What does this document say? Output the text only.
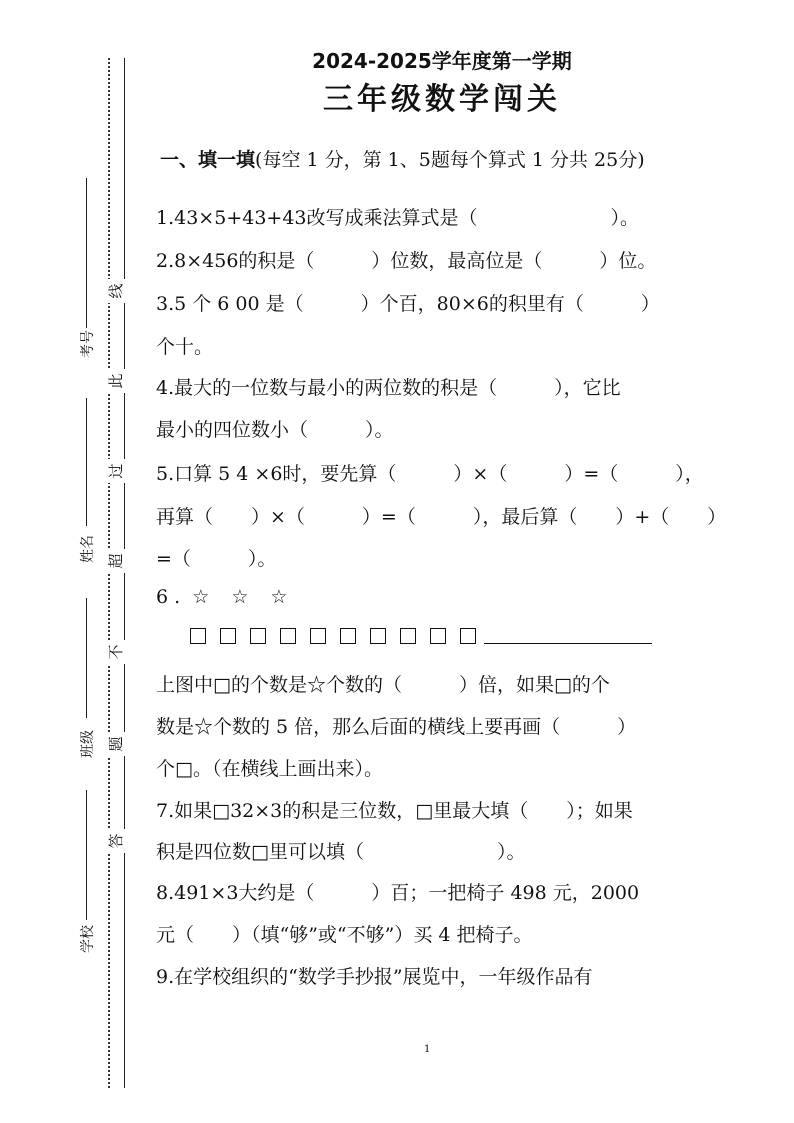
线
此
过
超
不
题
答
考号
姓名
班级
学校
2024-2025学年度第一学期
三年级数学闯关
一、填一填(每空 1 分，第 1、5题每个算式 1 分共 25分)
1.43×5+43+43改写成乘法算式是（　　　　　　　）。
2.8×456的积是（　　　）位数，最高位是（　　　）位。
3.5 个 6 00 是（　　　）个百，80×6的积里有（　　　）
个十。
4.最大的一位数与最小的两位数的积是（　　　），它比
最小的四位数小（　　　）。
5.口算 5 4 ×6时，要先算（　　　）×（　　　）=（　　　），
再算（　　）×（　　　）=（　　　），最后算（　　）+（　　）
=（　　　）。
6 . ☆ ☆ ☆
上图中□的个数是☆个数的（　　　）倍，如果□的个
数是☆个数的 5 倍，那么后面的横线上要再画（　　　）
个□。（在横线上画出来）。
7.如果□32×3的积是三位数，□里最大填（　　）；如果
积是四位数□里可以填（　　　　　　　）。
8.491×3大约是（　　　）百；一把椅子 498 元，2000
元（　　）（填“够”或“不够”）买 4 把椅子。
9.在学校组织的“数学手抄报”展览中，一年级作品有
1
